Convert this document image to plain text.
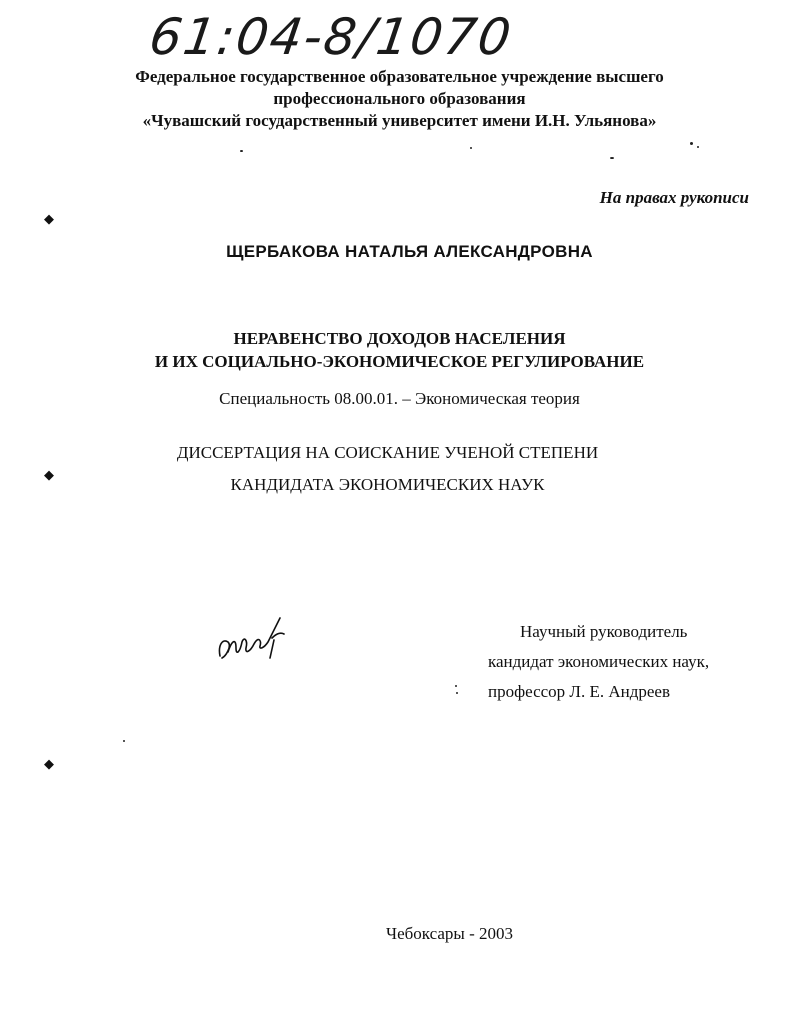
61:04-8/1070
Федеральное государственное образовательное учреждение высшего
профессионального образования
«Чувашский государственный университет имени И.Н. Ульянова»
◆
◆
◆
На правах рукописи
ЩЕРБАКОВА НАТАЛЬЯ АЛЕКСАНДРОВНА
НЕРАВЕНСТВО ДОХОДОВ НАСЕЛЕНИЯ
И ИХ СОЦИАЛЬНО-ЭКОНОМИЧЕСКОЕ РЕГУЛИРОВАНИЕ
Специальность 08.00.01. – Экономическая теория
ДИССЕРТАЦИЯ НА СОИСКАНИЕ УЧЕНОЙ СТЕПЕНИ
КАНДИДАТА ЭКОНОМИЧЕСКИХ НАУК
Научный руководитель
кандидат экономических наук,
профессор Л. Е. Андреев
Чебоксары - 2003
